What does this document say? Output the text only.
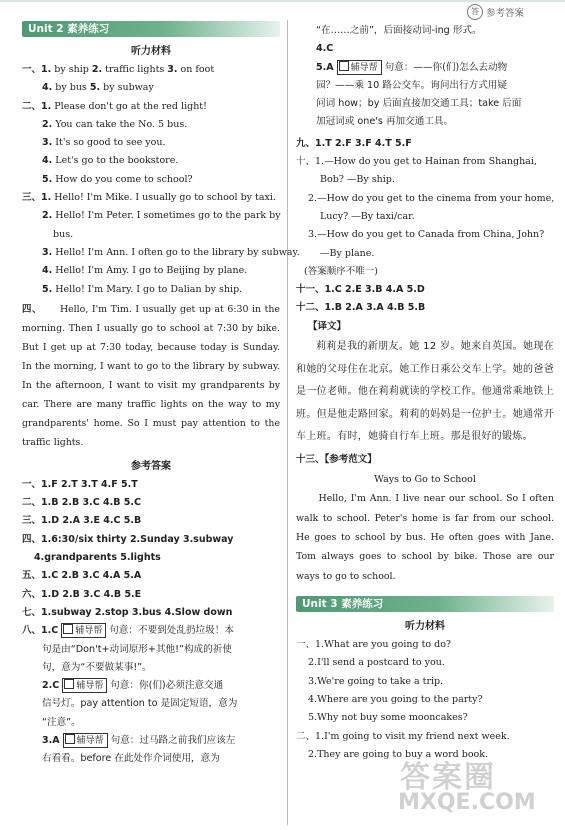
答 参考答案
Unit 2 素养练习
听力材料
一、1. by ship 2. traffic lights 3. on foot
4. by bus 5. by subway
二、1. Please don't go at the red light!
2. You can take the No. 5 bus.
3. It's so good to see you.
4. Let's go to the bookstore.
5. How do you come to school?
三、1. Hello! I'm Mike. I usually go to school by taxi.
2. Hello! I'm Peter. I sometimes go to the park by
bus.
3. Hello! I'm Ann. I often go to the library by subway.
4. Hello! I'm Amy. I go to Beijing by plane.
5. Hello! I'm Mary. I go to Dalian by ship.
四、 Hello, I'm Tim. I usually get up at 6:30 in the morning. Then I usually go to school at 7:30 by bike. But I get up at 7:30 today, because today is Sunday. In the morning, I want to go to the library by subway. In the afternoon, I want to visit my grandparents by car. There are many traffic lights on the way to my grandparents' home. So I must pay attention to the traffic lights.
参考答案
一、1.F 2.T 3.T 4.F 5.T
二、1.B 2.B 3.C 4.B 5.C
三、1.D 2.A 3.E 4.C 5.B
四、1.6:30/six thirty 2.Sunday 3.subway
4.grandparents 5.lights
五、1.C 2.B 3.C 4.A 5.A
六、1.D 2.B 3.C 4.B 5.E
七、1.subway 2.stop 3.bus 4.Slow down
八、1.C 辅导帮 句意：不要到处乱扔垃圾！本
句是由“Don't+动词原形+其他!”构成的祈使
句，意为“不要做某事!”。
2.C 辅导帮 句意：你(们)必须注意交通
信号灯。pay attention to 是固定短语，意为
“注意”。
3.A 辅导帮 句意：过马路之前我们应该左
右看看。before 在此处作介词使用，意为
“在……之前”，后面接动词-ing 形式。
4.C
5.A 辅导帮 句意：——你(们)怎么去动物
园？——乘 10 路公交车。询问出行方式用疑
问词 how；by 后面直接加交通工具；take 后面
加冠词或 one's 再加交通工具。
九、1.T 2.F 3.F 4.T 5.F
十、1.—How do you get to Hainan from Shanghai,
Bob? —By ship.
2.—How do you get to the cinema from your home,
Lucy? —By taxi/car.
3.—How do you get to Canada from China, John?
—By plane.
(答案顺序不唯一)
十一、1.C 2.E 3.B 4.A 5.D
十二、1.B 2.A 3.A 4.B 5.B
【译文】
莉莉是我的新朋友。她 12 岁。她来自英国。她现在和她的父母住在北京。她工作日乘公交车上学。她的爸爸是一位老师。他在莉莉就读的学校工作。他通常乘地铁上班。但是他走路回家。莉莉的妈妈是一位护士。她通常开车上班。有时，她骑自行车上班。那是很好的锻炼。
十三、【参考范文】
Ways to Go to School
Hello, I'm Ann. I live near our school. So I often walk to school. Peter's home is far from our school. He goes to school by bus. He often goes with Jane. Tom always goes to school by bike. Those are our ways to go to school.
Unit 3 素养练习
听力材料
一、1.What are you going to do?
2.I'll send a postcard to you.
3.We're going to take a trip.
4.Where are you going to the party?
5.Why not buy some mooncakes?
二、1.I'm going to visit my friend next week.
2.They are going to buy a word book.
答案圈
MXQE.COM
